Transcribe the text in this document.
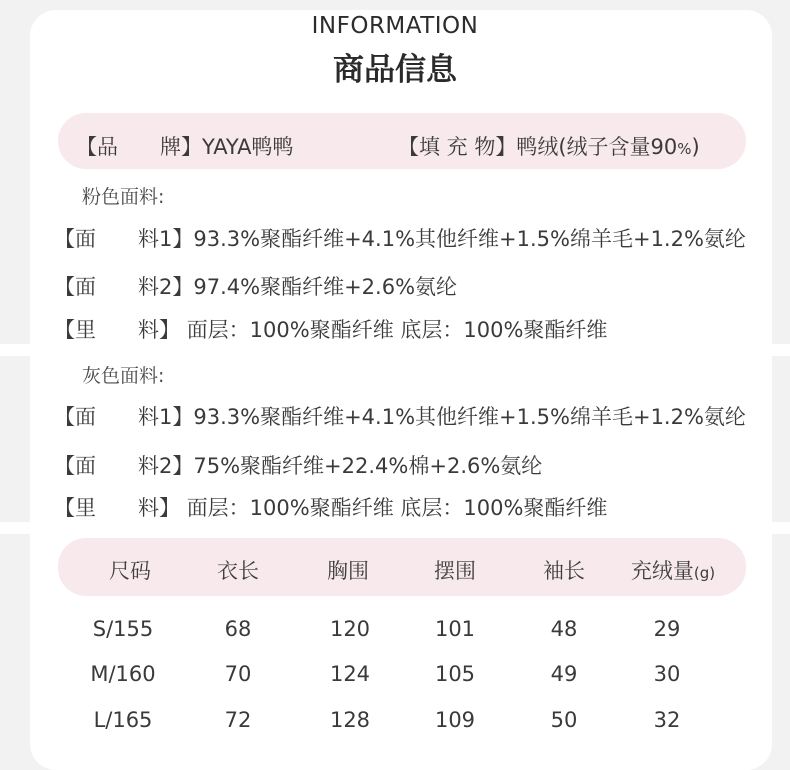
INFORMATION
商品信息
【品　　牌】YAYA鸭鸭	【填 充 物】鸭绒(绒子含量90%)
粉色面料:
【面　　料1】93.3%聚酯纤维+4.1%其他纤维+1.5%绵羊毛+1.2%氨纶
【面　　料2】97.4%聚酯纤维+2.6%氨纶
【里　　料】 面层：100%聚酯纤维 底层：100%聚酯纤维
灰色面料:
【面　　料1】93.3%聚酯纤维+4.1%其他纤维+1.5%绵羊毛+1.2%氨纶
【面　　料2】75%聚酯纤维+22.4%棉+2.6%氨纶
【里　　料】 面层：100%聚酯纤维 底层：100%聚酯纤维
尺码	衣长	胸围	摆围	袖长	充绒量(g)
S/155	68	120	101	48	29
M/160	70	124	105	49	30
L/165	72	128	109	50	32
